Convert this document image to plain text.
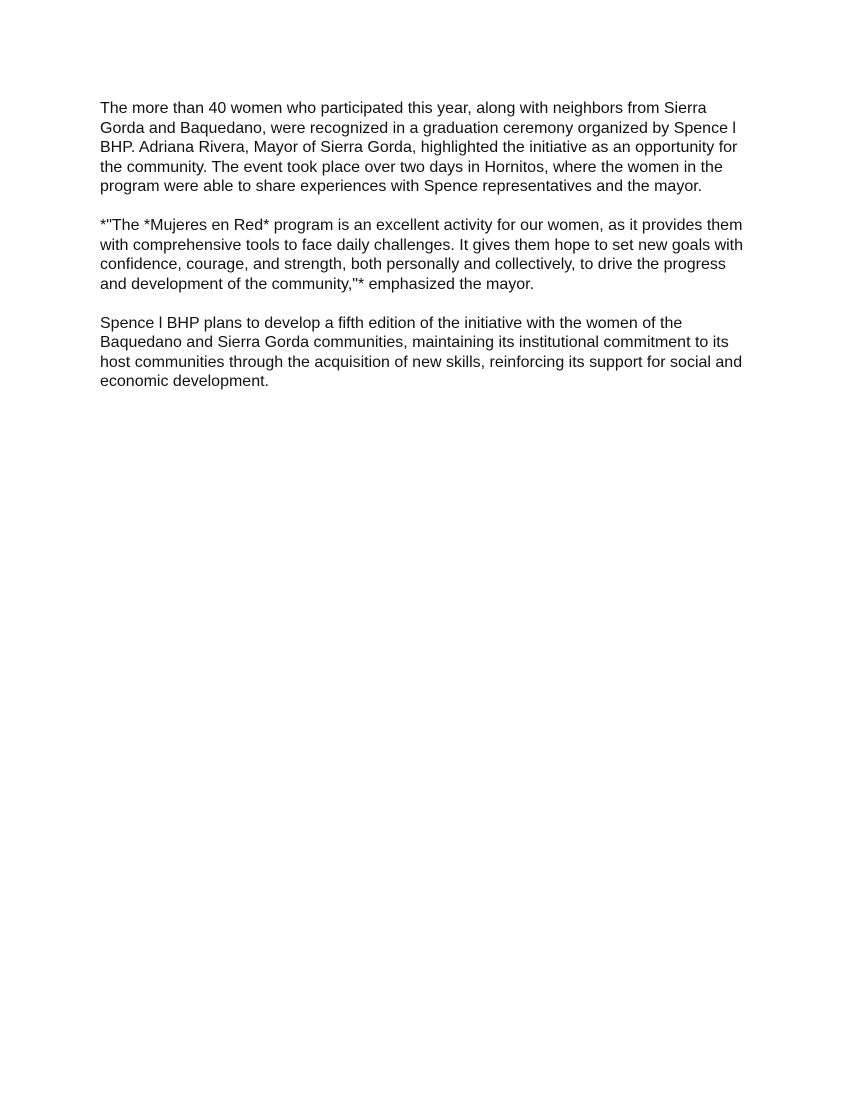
The more than 40 women who participated this year, along with neighbors from Sierra Gorda and Baquedano, were recognized in a graduation ceremony organized by Spence l BHP. Adriana Rivera, Mayor of Sierra Gorda, highlighted the initiative as an opportunity for the community. The event took place over two days in Hornitos, where the women in the program were able to share experiences with Spence representatives and the mayor.

*"The *Mujeres en Red* program is an excellent activity for our women, as it provides them with comprehensive tools to face daily challenges. It gives them hope to set new goals with confidence, courage, and strength, both personally and collectively, to drive the progress and development of the community,"* emphasized the mayor.

Spence l BHP plans to develop a fifth edition of the initiative with the women of the Baquedano and Sierra Gorda communities, maintaining its institutional commitment to its host communities through the acquisition of new skills, reinforcing its support for social and economic development.
